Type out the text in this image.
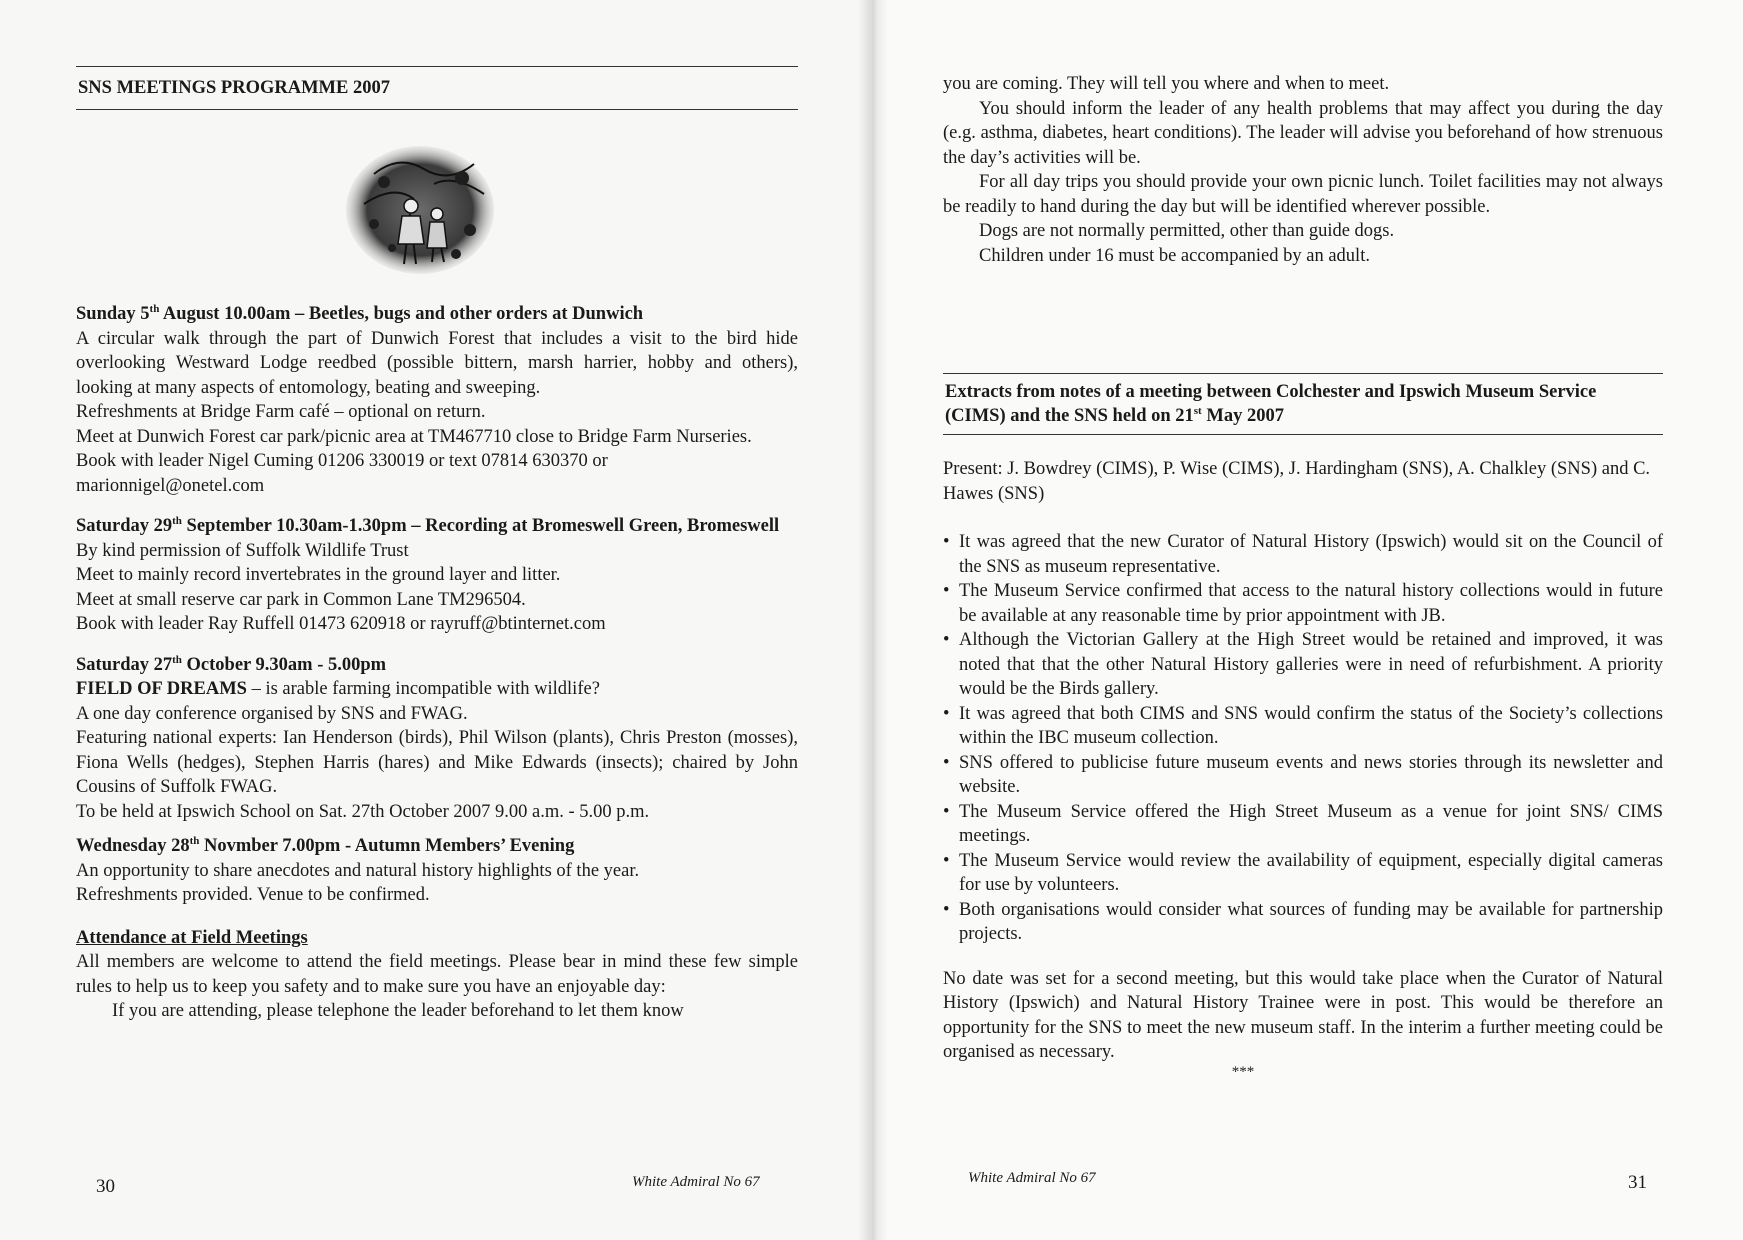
SNS MEETINGS PROGRAMME 2007
Sunday 5th August 10.00am – Beetles, bugs and other orders at Dunwich

A circular walk through the part of Dunwich Forest that includes a visit to the bird hide overlooking Westward Lodge reedbed (possible bittern, marsh harrier, hobby and others), looking at many aspects of entomology, beating and sweeping.

Refreshments at Bridge Farm café – optional on return.

Meet at Dunwich Forest car park/picnic area at TM467710 close to Bridge Farm Nurseries.

Book with leader Nigel Cuming 01206 330019 or text 07814 630370 or marionnigel@onetel.com

Saturday 29th September 10.30am-1.30pm – Recording at Bromeswell Green, Bromeswell

By kind permission of Suffolk Wildlife Trust

Meet to mainly record invertebrates in the ground layer and litter.

Meet at small reserve car park in Common Lane TM296504.

Book with leader Ray Ruffell 01473 620918 or rayruff@btinternet.com

Saturday 27th October 9.30am - 5.00pm

FIELD OF DREAMS – is arable farming incompatible with wildlife?

A one day conference organised by SNS and FWAG.

Featuring national experts: Ian Henderson (birds), Phil Wilson (plants), Chris Preston (mosses), Fiona Wells (hedges), Stephen Harris (hares) and Mike Edwards (insects); chaired by John Cousins of Suffolk FWAG.

To be held at Ipswich School on Sat. 27th October 2007 9.00 a.m. - 5.00 p.m.

Wednesday 28th Novmber 7.00pm - Autumn Members’ Evening

An opportunity to share anecdotes and natural history highlights of the year.

Refreshments provided. Venue to be confirmed.

Attendance at Field Meetings

All members are welcome to attend the field meetings. Please bear in mind these few simple rules to help us to keep you safety and to make sure you have an enjoyable day:

If you are attending, please telephone the leader beforehand to let them know

30	White Admiral No 67

you are coming. They will tell you where and when to meet.

You should inform the leader of any health problems that may affect you during the day (e.g. asthma, diabetes, heart conditions). The leader will advise you beforehand of how strenuous the day’s activities will be.

For all day trips you should provide your own picnic lunch. Toilet facilities may not always be readily to hand during the day but will be identified wherever possible.

Dogs are not normally permitted, other than guide dogs.

Children under 16 must be accompanied by an adult.

Extracts from notes of a meeting between Colchester and Ipswich Museum Service (CIMS) and the SNS held on 21st May 2007

Present: J. Bowdrey (CIMS), P. Wise (CIMS), J. Hardingham (SNS), A. Chalkley (SNS) and C. Hawes (SNS)

• It was agreed that the new Curator of Natural History (Ipswich) would sit on the Council of the SNS as museum representative.
• The Museum Service confirmed that access to the natural history collections would in future be available at any reasonable time by prior appointment with JB.
• Although the Victorian Gallery at the High Street would be retained and improved, it was noted that that the other Natural History galleries were in need of refurbishment. A priority would be the Birds gallery.
• It was agreed that both CIMS and SNS would confirm the status of the Society’s collections within the IBC museum collection.
• SNS offered to publicise future museum events and news stories through its newsletter and website.
• The Museum Service offered the High Street Museum as a venue for joint SNS/ CIMS meetings.
• The Museum Service would review the availability of equipment, especially digital cameras for use by volunteers.
• Both organisations would consider what sources of funding may be available for partnership projects.

No date was set for a second meeting, but this would take place when the Curator of Natural History (Ipswich) and Natural History Trainee were in post. This would be therefore an opportunity for the SNS to meet the new museum staff. In the interim a further meeting could be organised as necessary.

***
White Admiral No 67	31
